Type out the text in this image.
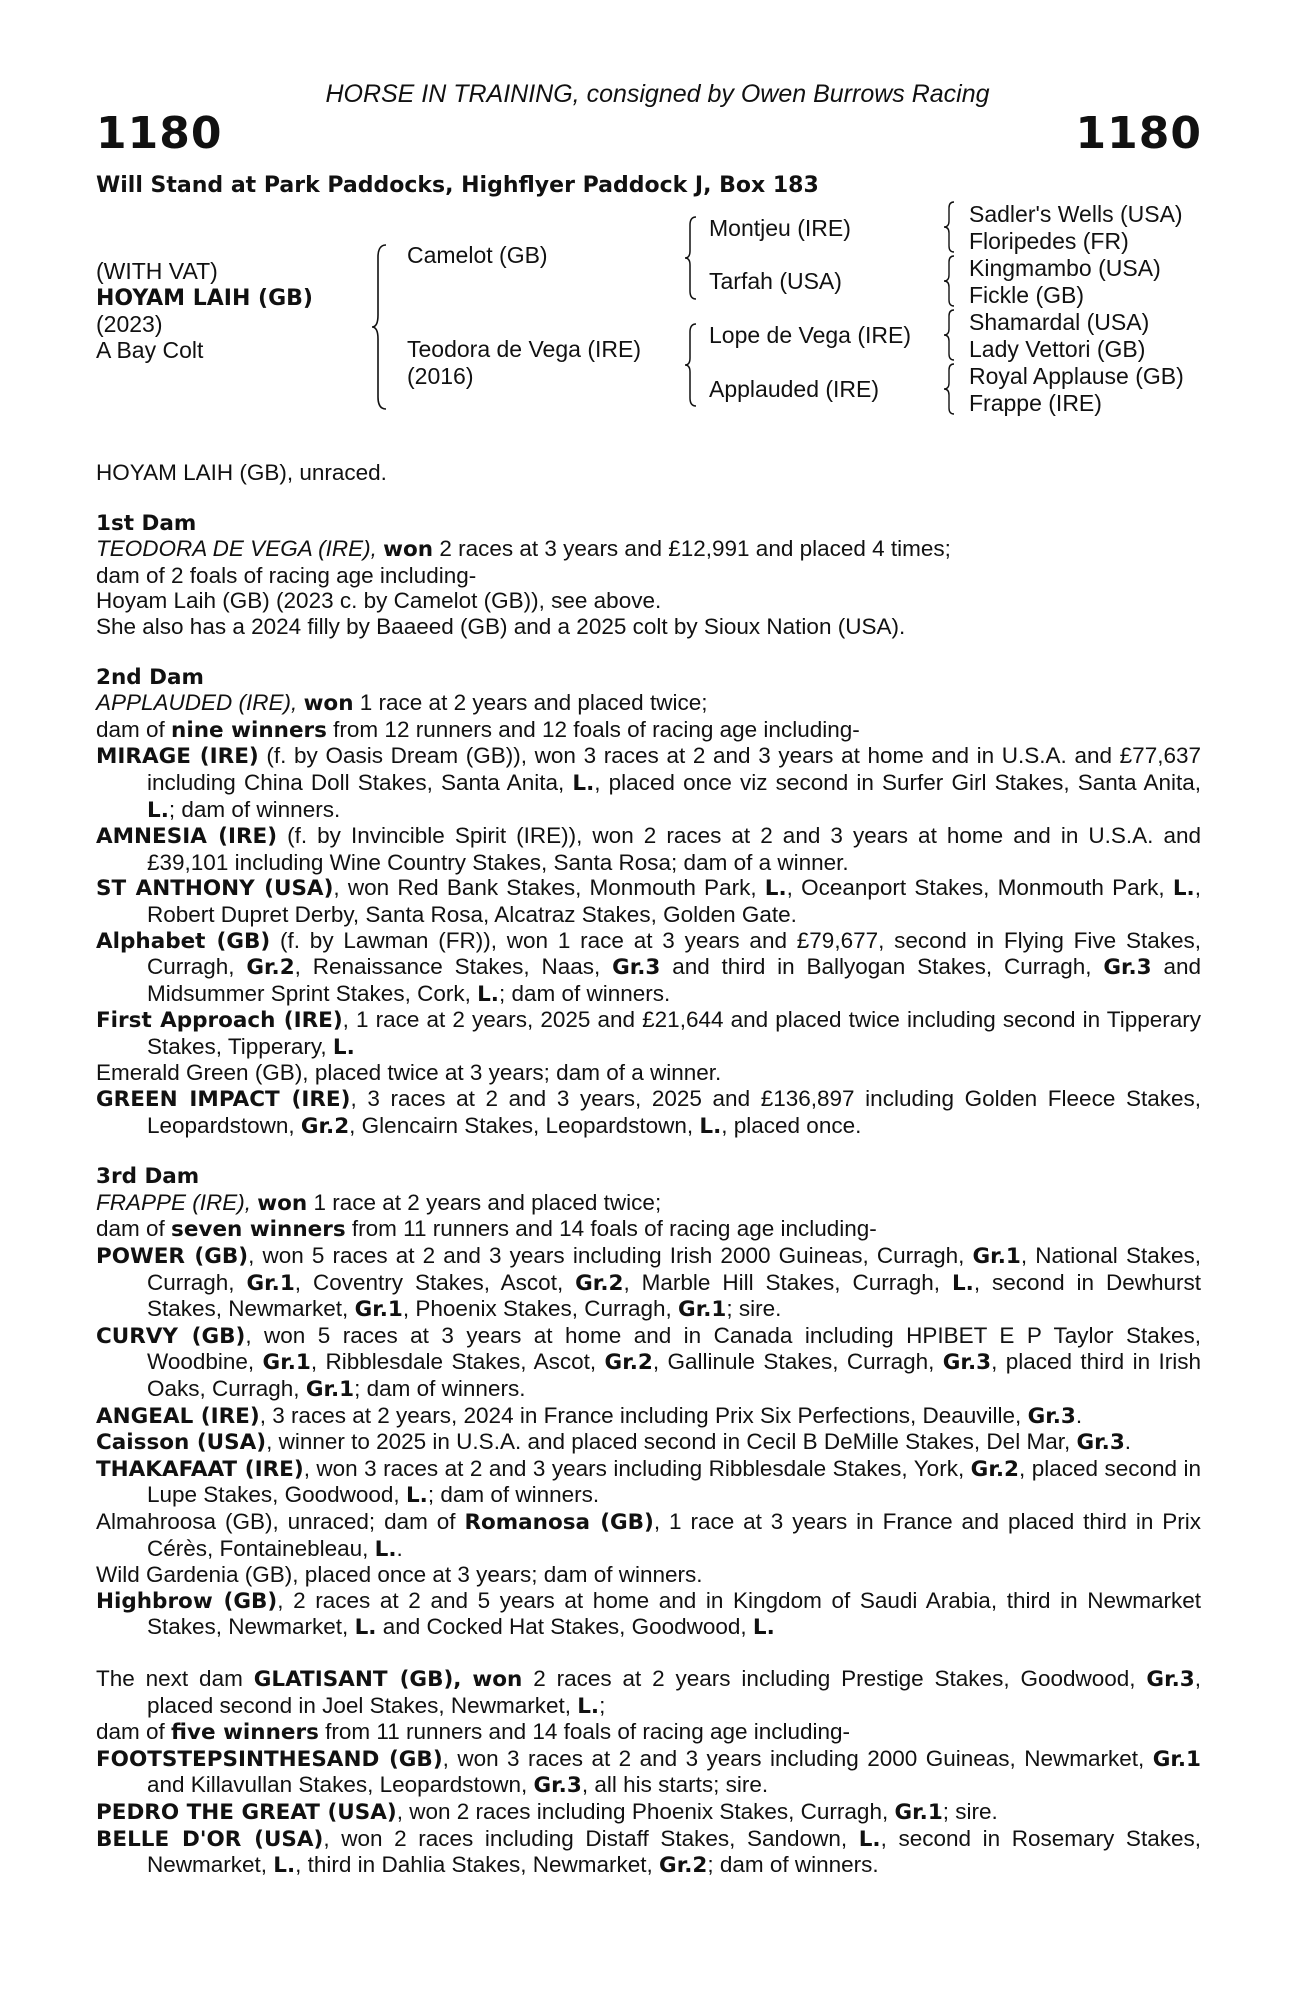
HORSE IN TRAINING, consigned by Owen Burrows Racing
1180	1180
Will Stand at Park Paddocks, Highflyer Paddock J, Box 183
(WITH VAT)
HOYAM LAIH (GB)
(2023)
A Bay Colt
Camelot (GB)
Teodora de Vega (IRE)
(2016)
Montjeu (IRE)
Tarfah (USA)
Lope de Vega (IRE)
Applauded (IRE)
Sadler's Wells (USA)
Floripedes (FR)
Kingmambo (USA)
Fickle (GB)
Shamardal (USA)
Lady Vettori (GB)
Royal Applause (GB)
Frappe (IRE)

HOYAM LAIH (GB), unraced.

1st Dam

TEODORA DE VEGA (IRE), won 2 races at 3 years and £12,991 and placed 4 times;

dam of 2 foals of racing age including-

Hoyam Laih (GB) (2023 c. by Camelot (GB)), see above.

She also has a 2024 filly by Baaeed (GB) and a 2025 colt by Sioux Nation (USA).

2nd Dam

APPLAUDED (IRE), won 1 race at 2 years and placed twice;

dam of nine winners from 12 runners and 12 foals of racing age including-

MIRAGE (IRE) (f. by Oasis Dream (GB)), won 3 races at 2 and 3 years at home and in U.S.A. and £77,637 including China Doll Stakes, Santa Anita, L., placed once viz second in Surfer Girl Stakes, Santa Anita, L.; dam of winners.

AMNESIA (IRE) (f. by Invincible Spirit (IRE)), won 2 races at 2 and 3 years at home and in U.S.A. and £39,101 including Wine Country Stakes, Santa Rosa; dam of a winner.

ST ANTHONY (USA), won Red Bank Stakes, Monmouth Park, L., Oceanport Stakes, Monmouth Park, L., Robert Dupret Derby, Santa Rosa, Alcatraz Stakes, Golden Gate.

Alphabet (GB) (f. by Lawman (FR)), won 1 race at 3 years and £79,677, second in Flying Five Stakes, Curragh, Gr.2, Renaissance Stakes, Naas, Gr.3 and third in Ballyogan Stakes, Curragh, Gr.3 and Midsummer Sprint Stakes, Cork, L.; dam of winners.

First Approach (IRE), 1 race at 2 years, 2025 and £21,644 and placed twice including second in Tipperary Stakes, Tipperary, L.

Emerald Green (GB), placed twice at 3 years; dam of a winner.

GREEN IMPACT (IRE), 3 races at 2 and 3 years, 2025 and £136,897 including Golden Fleece Stakes, Leopardstown, Gr.2, Glencairn Stakes, Leopardstown, L., placed once.

3rd Dam

FRAPPE (IRE), won 1 race at 2 years and placed twice;

dam of seven winners from 11 runners and 14 foals of racing age including-

POWER (GB), won 5 races at 2 and 3 years including Irish 2000 Guineas, Curragh, Gr.1, National Stakes, Curragh, Gr.1, Coventry Stakes, Ascot, Gr.2, Marble Hill Stakes, Curragh, L., second in Dewhurst Stakes, Newmarket, Gr.1, Phoenix Stakes, Curragh, Gr.1; sire.

CURVY (GB), won 5 races at 3 years at home and in Canada including HPIBET E P Taylor Stakes, Woodbine, Gr.1, Ribblesdale Stakes, Ascot, Gr.2, Gallinule Stakes, Curragh, Gr.3, placed third in Irish Oaks, Curragh, Gr.1; dam of winners.

ANGEAL (IRE), 3 races at 2 years, 2024 in France including Prix Six Perfections, Deauville, Gr.3.

Caisson (USA), winner to 2025 in U.S.A. and placed second in Cecil B DeMille Stakes, Del Mar, Gr.3.

THAKAFAAT (IRE), won 3 races at 2 and 3 years including Ribblesdale Stakes, York, Gr.2, placed second in Lupe Stakes, Goodwood, L.; dam of winners.

Almahroosa (GB), unraced; dam of Romanosa (GB), 1 race at 3 years in France and placed third in Prix Cérès, Fontainebleau, L..

Wild Gardenia (GB), placed once at 3 years; dam of winners.

Highbrow (GB), 2 races at 2 and 5 years at home and in Kingdom of Saudi Arabia, third in Newmarket Stakes, Newmarket, L. and Cocked Hat Stakes, Goodwood, L.

The next dam GLATISANT (GB), won 2 races at 2 years including Prestige Stakes, Goodwood, Gr.3, placed second in Joel Stakes, Newmarket, L.;

dam of five winners from 11 runners and 14 foals of racing age including-

FOOTSTEPSINTHESAND (GB), won 3 races at 2 and 3 years including 2000 Guineas, Newmarket, Gr.1 and Killavullan Stakes, Leopardstown, Gr.3, all his starts; sire.

PEDRO THE GREAT (USA), won 2 races including Phoenix Stakes, Curragh, Gr.1; sire.

BELLE D'OR (USA), won 2 races including Distaff Stakes, Sandown, L., second in Rosemary Stakes, Newmarket, L., third in Dahlia Stakes, Newmarket, Gr.2; dam of winners.
